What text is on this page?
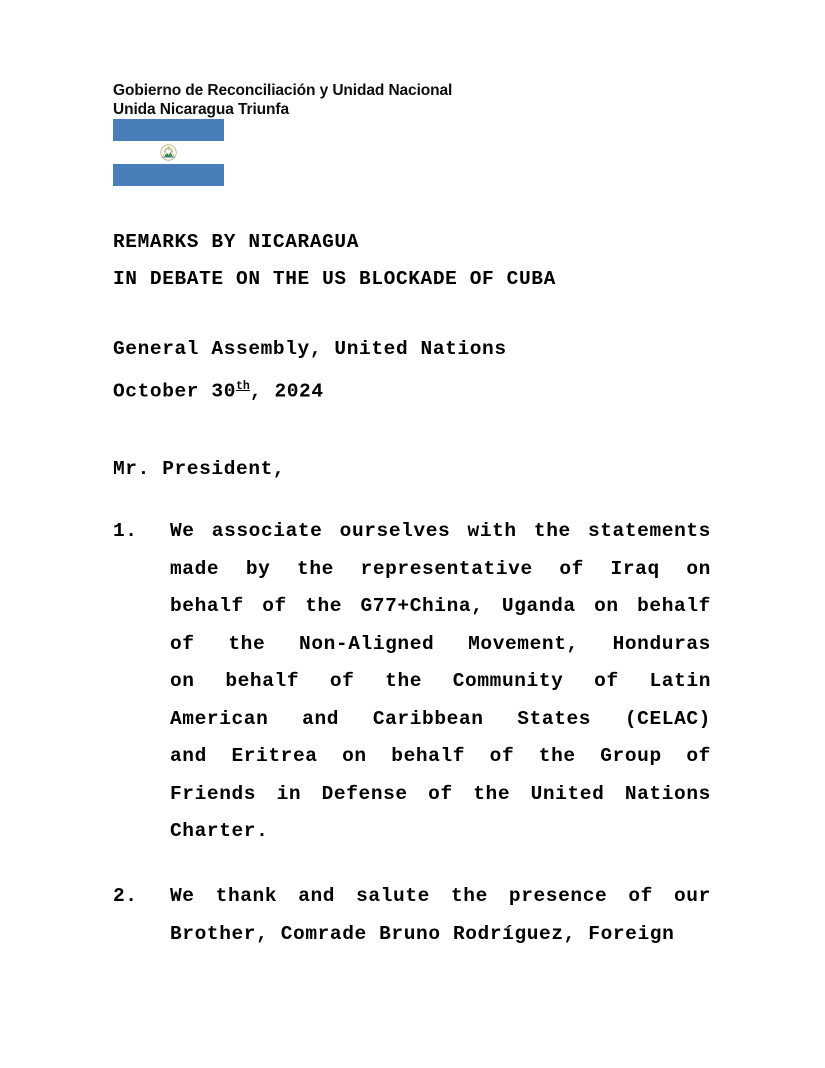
Gobierno de Reconciliación y Unidad Nacional
Unida Nicaragua Triunfa
REMARKS BY NICARAGUA
IN DEBATE ON THE US BLOCKADE OF CUBA
General Assembly, United Nations
October 30th, 2024
Mr. President,
1.	We associate ourselves with the statements
made by the representative of Iraq on
behalf of the G77+China, Uganda on behalf
of the Non-Aligned Movement, Honduras
on behalf of the Community of Latin
American and Caribbean States (CELAC)
and Eritrea on behalf of the Group of
Friends in Defense of the United Nations
Charter.
2.	We thank and salute the presence of our
Brother, Comrade Bruno Rodríguez, Foreign
